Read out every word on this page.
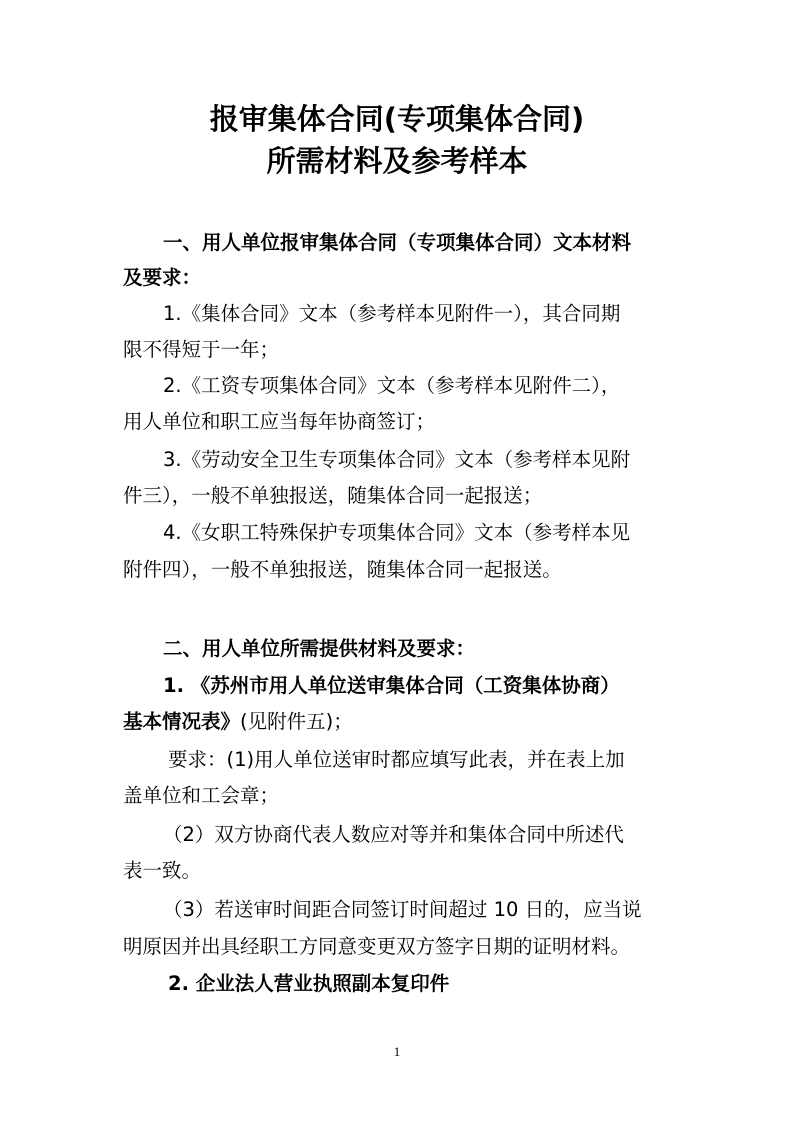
报审集体合同(专项集体合同)
所需材料及参考样本
一、用人单位报审集体合同（专项集体合同）文本材料
及要求：
1.《集体合同》文本（参考样本见附件一），其合同期
限不得短于一年；
2.《工资专项集体合同》文本（参考样本见附件二），
用人单位和职工应当每年协商签订；
3.《劳动安全卫生专项集体合同》文本（参考样本见附
件三），一般不单独报送，随集体合同一起报送；
4.《女职工特殊保护专项集体合同》文本（参考样本见
附件四），一般不单独报送，随集体合同一起报送。
二、用人单位所需提供材料及要求：
1. 《苏州市用人单位送审集体合同（工资集体协商）
基本情况表》(见附件五)；
要求：(1)用人单位送审时都应填写此表，并在表上加
盖单位和工会章；
（2）双方协商代表人数应对等并和集体合同中所述代
表一致。
（3）若送审时间距合同签订时间超过 10 日的，应当说
明原因并出具经职工方同意变更双方签字日期的证明材料。
2. 企业法人营业执照副本复印件
1
